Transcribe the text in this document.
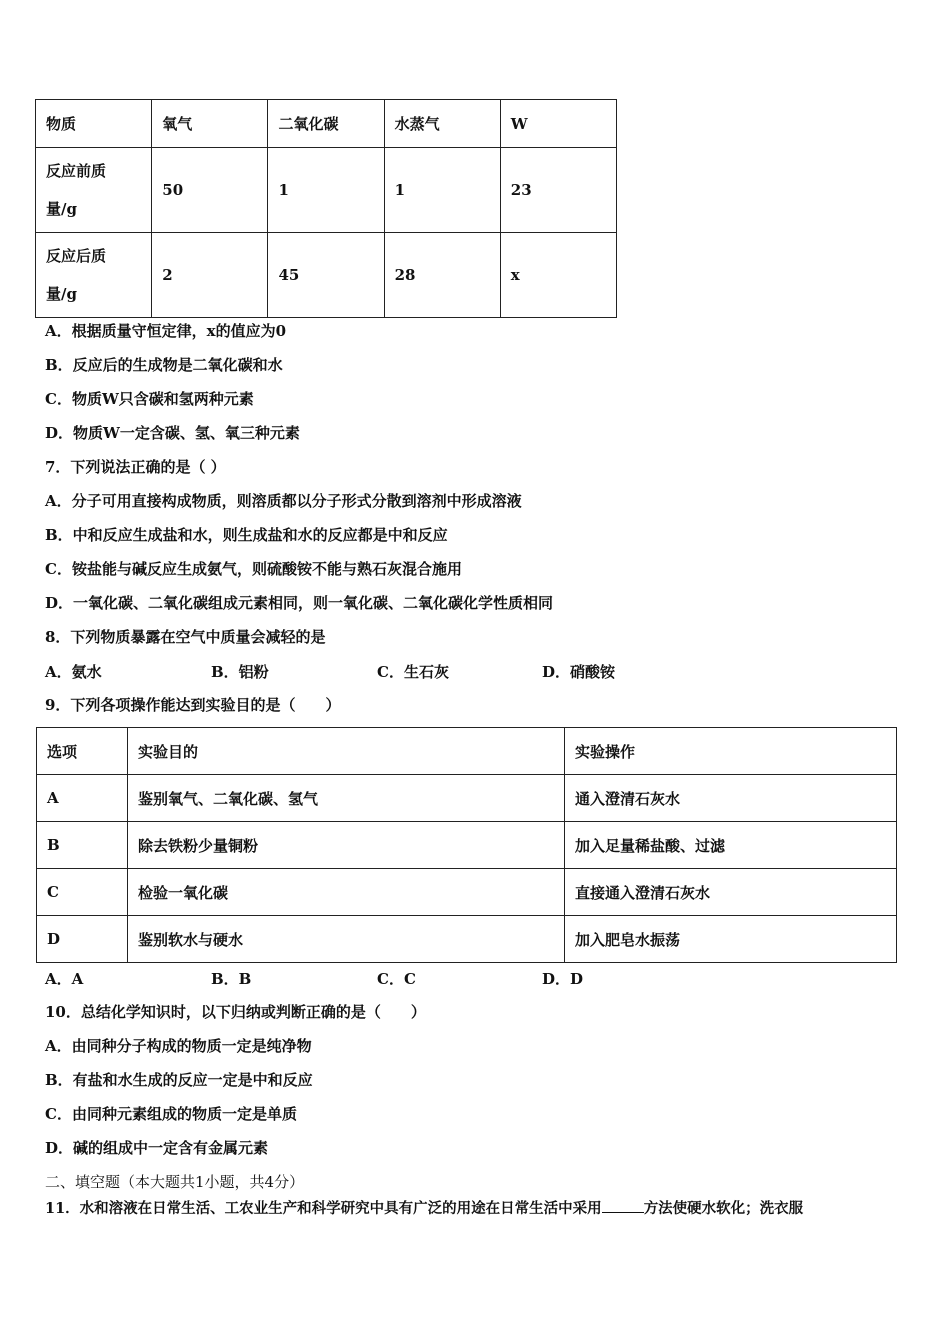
物质	氧气	二氧化碳	水蒸气	W
反应前质
量/g	50	1	1	23
反应后质
量/g	2	45	28	x
A．根据质量守恒定律，x的值应为0
B．反应后的生成物是二氧化碳和水
C．物质W只含碳和氢两种元素
D．物质W一定含碳、氢、氧三种元素
7．下列说法正确的是（ ）
A．分子可用直接构成物质，则溶质都以分子形式分散到溶剂中形成溶液
B．中和反应生成盐和水，则生成盐和水的反应都是中和反应
C．铵盐能与碱反应生成氨气，则硫酸铵不能与熟石灰混合施用
D．一氧化碳、二氧化碳组成元素相同，则一氧化碳、二氧化碳化学性质相同
8．下列物质暴露在空气中质量会减轻的是
A．氨水	B．铝粉	C．生石灰	D．硝酸铵
9．下列各项操作能达到实验目的是（　　）
选项	实验目的	实验操作
A	鉴别氧气、二氧化碳、氢气	通入澄清石灰水
B	除去铁粉少量铜粉	加入足量稀盐酸、过滤
C	检验一氧化碳	直接通入澄清石灰水
D	鉴别软水与硬水	加入肥皂水振荡
A．A	B．B	C．C	D．D
10．总结化学知识时，以下归纳或判断正确的是（　　）
A．由同种分子构成的物质一定是纯净物
B．有盐和水生成的反应一定是中和反应
C．由同种元素组成的物质一定是单质
D．碱的组成中一定含有金属元素
二、填空题（本大题共1小题，共4分）
11．水和溶液在日常生活、工农业生产和科学研究中具有广泛的用途在日常生活中采用	方法使硬水软化；洗衣服
